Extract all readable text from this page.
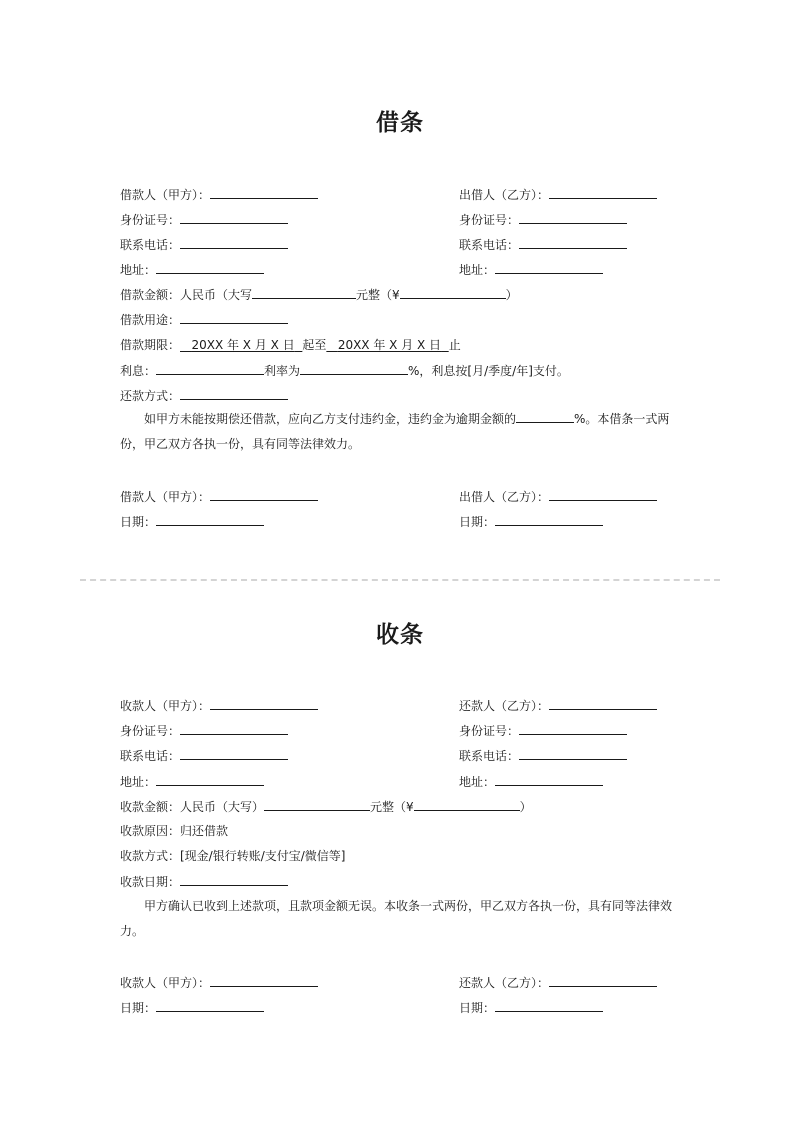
借条
借款人（甲方）：	出借人（乙方）：
身份证号：	身份证号：
联系电话：	联系电话：
地址：	地址：
借款金额：人民币（大写	元整（¥	）
借款用途：
借款期限： 20XX 年 X 月 X 日 起至 20XX 年 X 月 X 日 止
利息：	利率为	%，利息按[月/季度/年]支付。
还款方式：
如甲方未能按期偿还借款，应向乙方支付违约金，违约金为逾期金额的	%。本借条一式两份，甲乙双方各执一份，具有同等法律效力。
借款人（甲方）：	出借人（乙方）：
日期：	日期：
收条
收款人（甲方）：	还款人（乙方）：
身份证号：	身份证号：
联系电话：	联系电话：
地址：	地址：
收款金额：人民币（大写）	元整（¥	）
收款原因：归还借款
收款方式：[现金/银行转账/支付宝/微信等]
收款日期：
甲方确认已收到上述款项，且款项金额无误。本收条一式两份，甲乙双方各执一份，具有同等法律效力。
收款人（甲方）：	还款人（乙方）：
日期：	日期：
